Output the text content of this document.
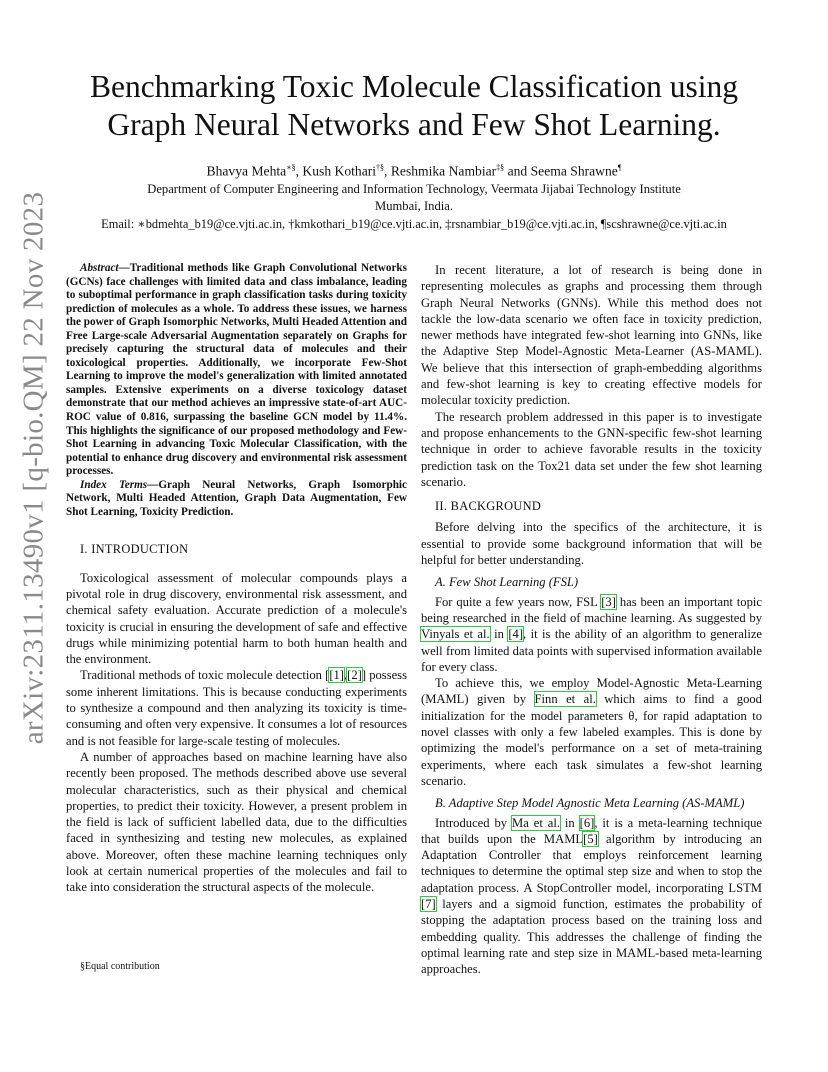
arXiv:2311.13490v1 [q-bio.QM] 22 Nov 2023
Benchmarking Toxic Molecule Classification using Graph Neural Networks and Few Shot Learning.
Bhavya Mehta∗§, Kush Kothari†§, Reshmika Nambiar‡§ and Seema Shrawne¶
Department of Computer Engineering and Information Technology, Veermata Jijabai Technology Institute
Mumbai, India.
Email: ∗bdmehta_b19@ce.vjti.ac.in, †kmkothari_b19@ce.vjti.ac.in, ‡rsnambiar_b19@ce.vjti.ac.in, ¶scshrawne@ce.vjti.ac.in

Abstract—Traditional methods like Graph Convolutional Networks (GCNs) face challenges with limited data and class imbalance, leading to suboptimal performance in graph classification tasks during toxicity prediction of molecules as a whole. To address these issues, we harness the power of Graph Isomorphic Networks, Multi Headed Attention and Free Large-scale Adversarial Augmentation separately on Graphs for precisely capturing the structural data of molecules and their toxicological properties. Additionally, we incorporate Few-Shot Learning to improve the model's generalization with limited annotated samples. Extensive experiments on a diverse toxicology dataset demonstrate that our method achieves an impressive state-of-art AUC-ROC value of 0.816, surpassing the baseline GCN model by 11.4%. This highlights the significance of our proposed methodology and Few-Shot Learning in advancing Toxic Molecular Classification, with the potential to enhance drug discovery and environmental risk assessment processes.

Index Terms—Graph Neural Networks, Graph Isomorphic Network, Multi Headed Attention, Graph Data Augmentation, Few Shot Learning, Toxicity Prediction.

I. INTRODUCTION

Toxicological assessment of molecular compounds plays a pivotal role in drug discovery, environmental risk assessment, and chemical safety evaluation. Accurate prediction of a molecule's toxicity is crucial in ensuring the development of safe and effective drugs while minimizing potential harm to both human health and the environment.

Traditional methods of toxic molecule detection [[1],[2]] possess some inherent limitations. This is because conducting experiments to synthesize a compound and then analyzing its toxicity is time-consuming and often very expensive. It consumes a lot of resources and is not feasible for large-scale testing of molecules.

A number of approaches based on machine learning have also recently been proposed. The methods described above use several molecular characteristics, such as their physical and chemical properties, to predict their toxicity. However, a present problem in the field is lack of sufficient labelled data, due to the difficulties faced in synthesizing and testing new molecules, as explained above. Moreover, often these machine learning techniques only look at certain numerical properties of the molecules and fail to take into consideration the structural aspects of the molecule.

§Equal contribution

In recent literature, a lot of research is being done in representing molecules as graphs and processing them through Graph Neural Networks (GNNs). While this method does not tackle the low-data scenario we often face in toxicity prediction, newer methods have integrated few-shot learning into GNNs, like the Adaptive Step Model-Agnostic Meta-Learner (AS-MAML). We believe that this intersection of graph-embedding algorithms and few-shot learning is key to creating effective models for molecular toxicity prediction.

The research problem addressed in this paper is to investigate and propose enhancements to the GNN-specific few-shot learning technique in order to achieve favorable results in the toxicity prediction task on the Tox21 data set under the few shot learning scenario.

II. BACKGROUND

Before delving into the specifics of the architecture, it is essential to provide some background information that will be helpful for better understanding.

A. Few Shot Learning (FSL)

For quite a few years now, FSL [3] has been an important topic being researched in the field of machine learning. As suggested by Vinyals et al. in [4], it is the ability of an algorithm to generalize well from limited data points with supervised information available for every class.

To achieve this, we employ Model-Agnostic Meta-Learning (MAML) given by Finn et al. which aims to find a good initialization for the model parameters θ, for rapid adaptation to novel classes with only a few labeled examples. This is done by optimizing the model's performance on a set of meta-training experiments, where each task simulates a few-shot learning scenario.

B. Adaptive Step Model Agnostic Meta Learning (AS-MAML)

Introduced by Ma et al. in [6], it is a meta-learning technique that builds upon the MAML[5] algorithm by introducing an Adaptation Controller that employs reinforcement learning techniques to determine the optimal step size and when to stop the adaptation process. A StopController model, incorporating LSTM [7] layers and a sigmoid function, estimates the probability of stopping the adaptation process based on the training loss and embedding quality. This addresses the challenge of finding the optimal learning rate and step size in MAML-based meta-learning approaches.
